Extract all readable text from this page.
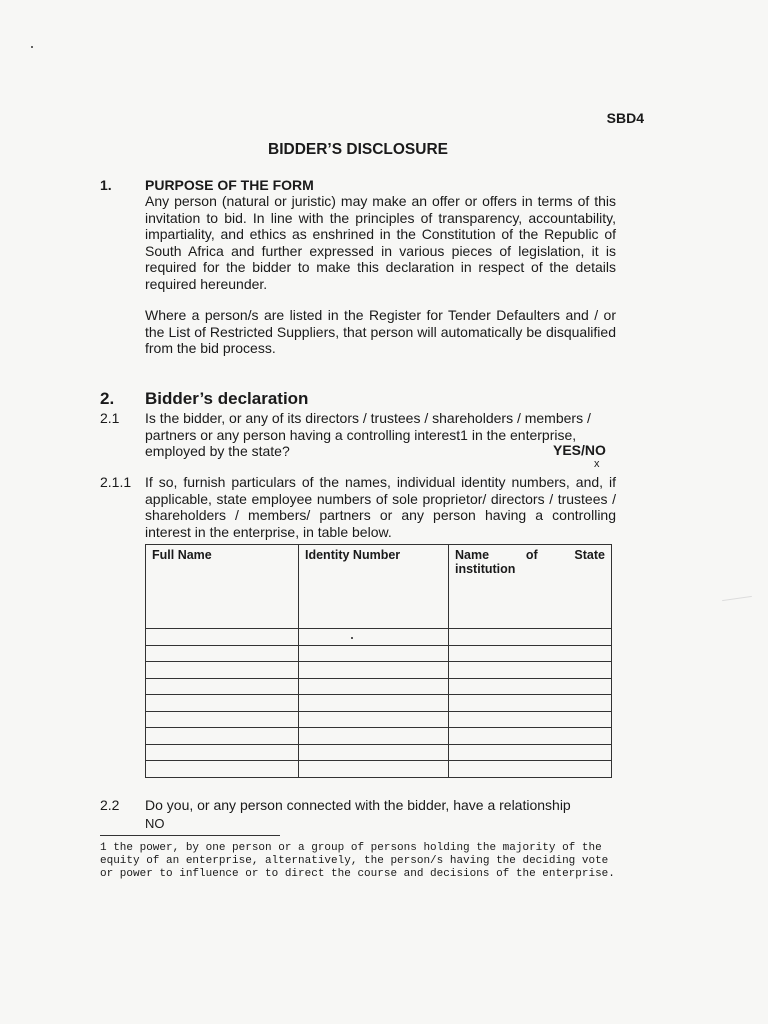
SBD4
BIDDER’S DISCLOSURE
1. PURPOSE OF THE FORM
Any person (natural or juristic) may make an offer or offers in terms of this invitation to bid. In line with the principles of transparency, accountability, impartiality, and ethics as enshrined in the Constitution of the Republic of South Africa and further expressed in various pieces of legislation, it is required for the bidder to make this declaration in respect of the details required hereunder.
Where a person/s are listed in the Register for Tender Defaulters and / or the List of Restricted Suppliers, that person will automatically be disqualified from the bid process.
2. Bidder’s declaration
2.1 Is the bidder, or any of its directors / trustees / shareholders / members / partners or any person having a controlling interest1 in the enterprise, employed by the state?	YES/NO
x
2.1.1 If so, furnish particulars of the names, individual identity numbers, and, if applicable, state employee numbers of sole proprietor/ directors / trustees / shareholders / members/ partners or any person having a controlling interest in the enterprise, in table below.
Full Name	Identity Number	Name of State
institution

2.2 Do you, or any person connected with the bidder, have a relationship
NO
1 the power, by one person or a group of persons holding the majority of the equity of an enterprise, alternatively, the person/s having the deciding vote or power to influence or to direct the course and decisions of the enterprise.
